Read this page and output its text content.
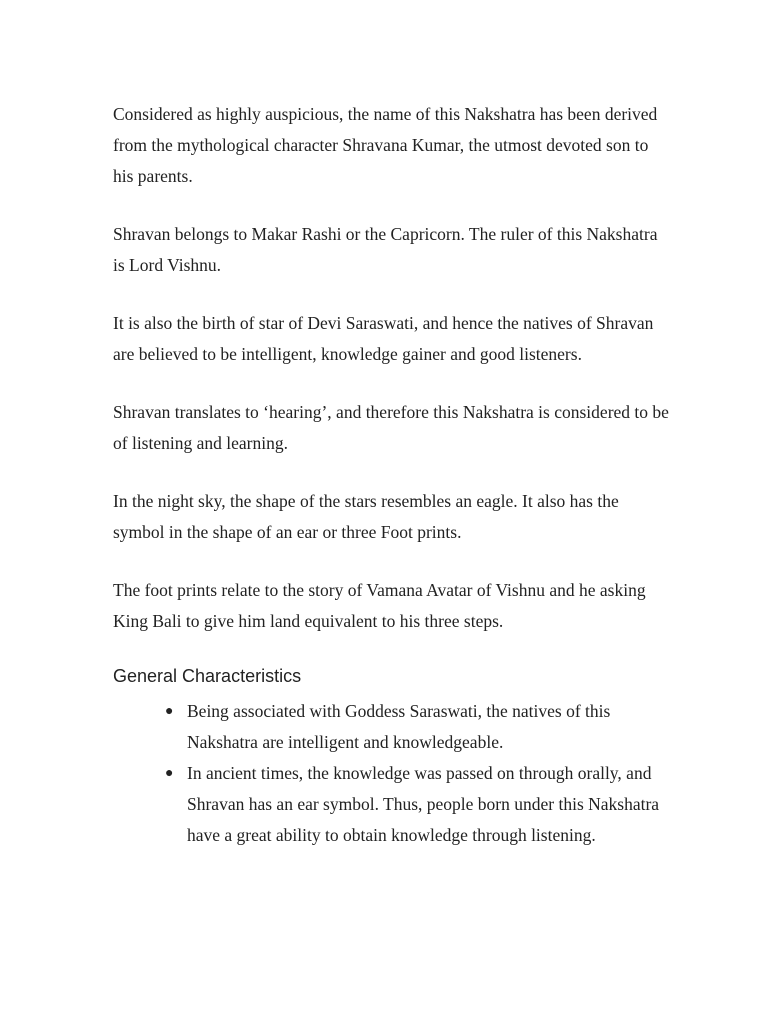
Considered as highly auspicious, the name of this Nakshatra has been derived from the mythological character Shravana Kumar, the utmost devoted son to his parents.

Shravan belongs to Makar Rashi or the Capricorn. The ruler of this Nakshatra is Lord Vishnu.

It is also the birth of star of Devi Saraswati, and hence the natives of Shravan are believed to be intelligent, knowledge gainer and good listeners.

Shravan translates to ‘hearing’, and therefore this Nakshatra is considered to be of listening and learning.

In the night sky, the shape of the stars resembles an eagle. It also has the symbol in the shape of an ear or three Foot prints.

The foot prints relate to the story of Vamana Avatar of Vishnu and he asking King Bali to give him land equivalent to his three steps.

General Characteristics
● Being associated with Goddess Saraswati, the natives of this Nakshatra are intelligent and knowledgeable.
● In ancient times, the knowledge was passed on through orally, and Shravan has an ear symbol. Thus, people born under this Nakshatra have a great ability to obtain knowledge through listening.
